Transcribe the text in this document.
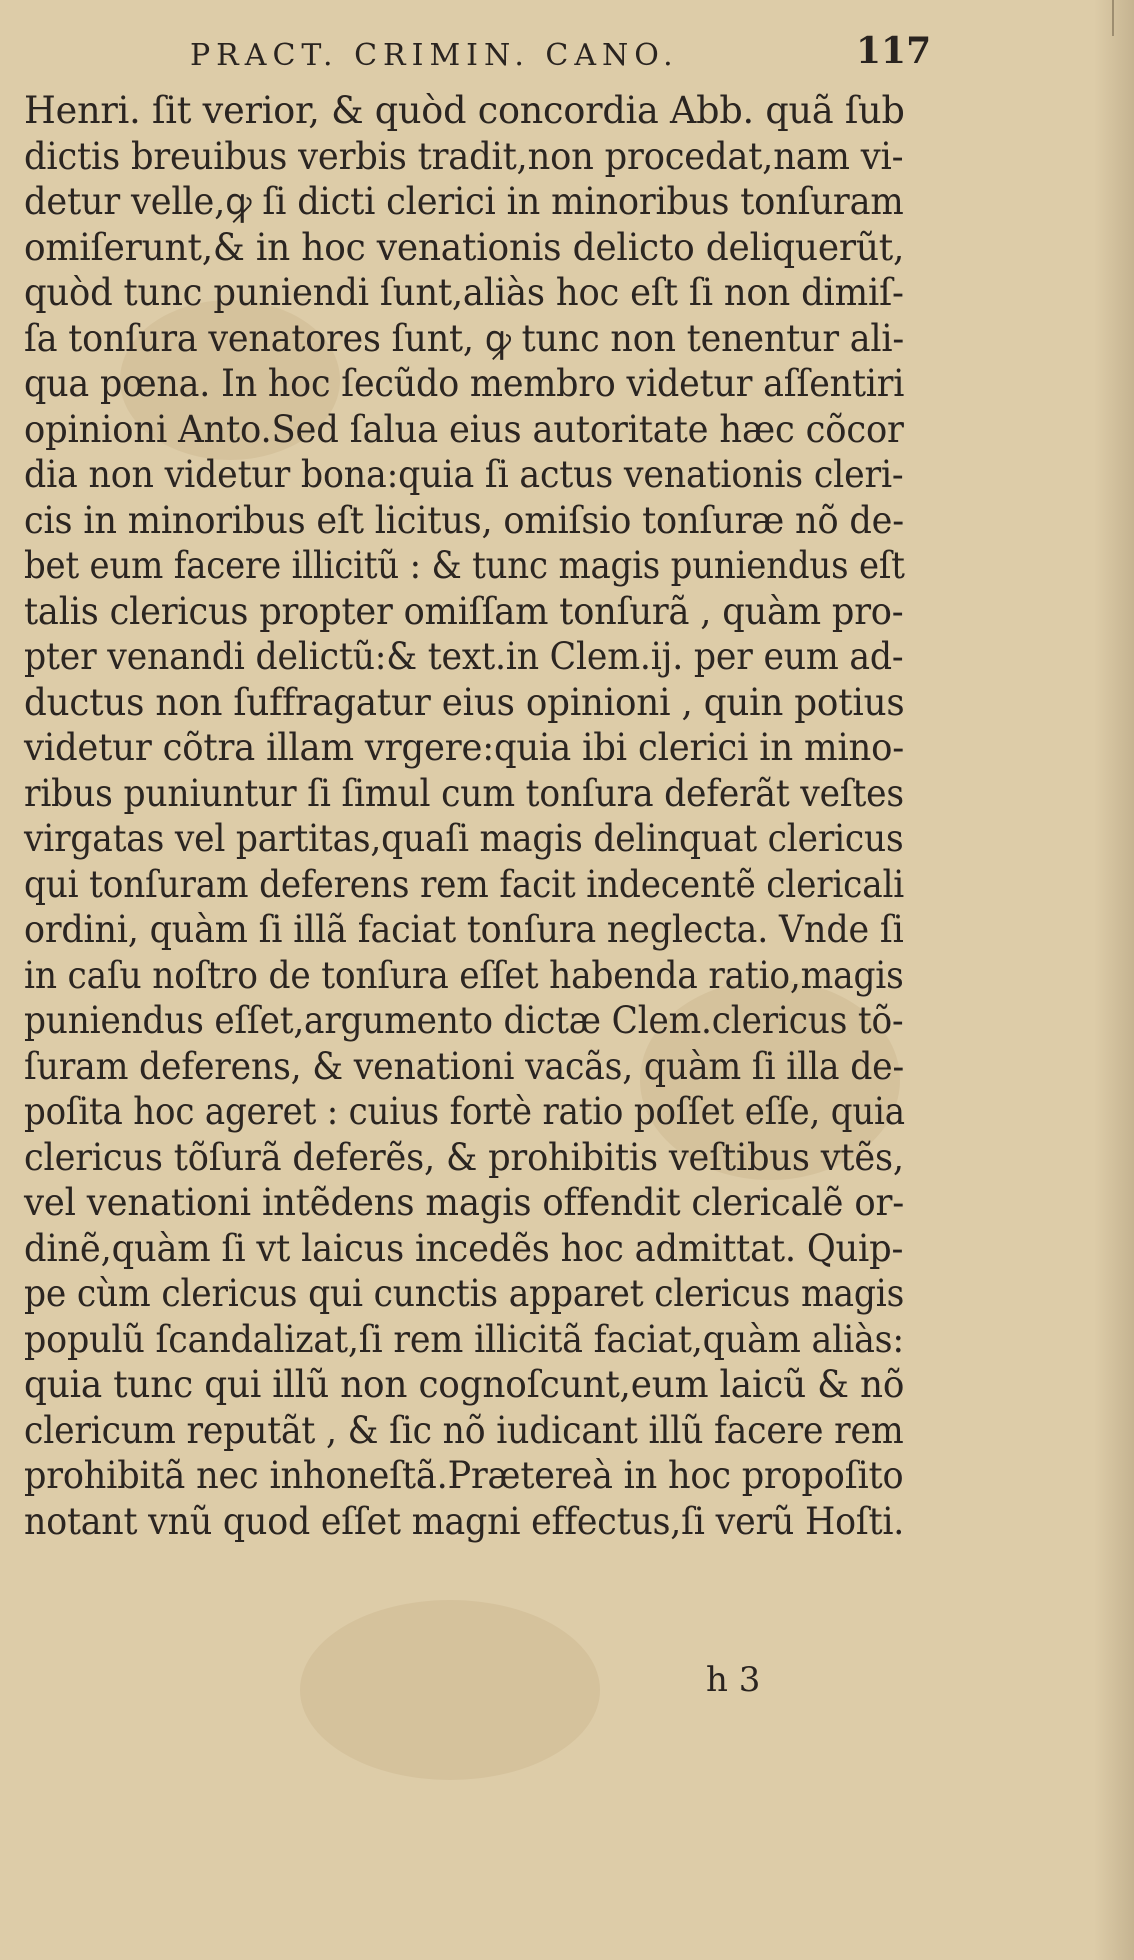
PRACT. CRIMIN. CANO.	117
Henri. ſit verior, & quòd concordia Abb. quã ſub
dictis breuibus verbis tradit,non procedat,nam vi-
detur velle,ꝙ ſi dicti clerici in minoribus tonſuram
omiſerunt,& in hoc venationis delicto deliquerũt,
quòd tunc puniendi ſunt,aliàs hoc eſt ſi non dimiſ-
ſa tonſura venatores ſunt, ꝙ tunc non tenentur ali-
qua pœna. In hoc ſecũdo membro videtur aſſentiri
opinioni Anto.Sed ſalua eius autoritate hæc cõcor
dia non videtur bona:quia ſi actus venationis cleri-
cis in minoribus eſt licitus, omiſsio tonſuræ nõ de-
bet eum facere illicitũ : & tunc magis puniendus eſt
talis clericus propter omiſſam tonſurã , quàm pro-
pter venandi delictũ:& text.in Clem.ij. per eum ad-
ductus non ſuffragatur eius opinioni , quin potius
videtur cõtra illam vrgere:quia ibi clerici in mino-
ribus puniuntur ſi ſimul cum tonſura deferãt veſtes
virgatas vel partitas,quaſi magis delinquat clericus
qui tonſuram deferens rem facit indecentẽ clericali
ordini, quàm ſi illã faciat tonſura neglecta. Vnde ſi
in caſu noſtro de tonſura eſſet habenda ratio,magis
puniendus eſſet,argumento dictæ Clem.clericus tõ-
ſuram deferens, & venationi vacãs, quàm ſi illa de-
poſita hoc ageret : cuius fortè ratio poſſet eſſe, quia
clericus tõſurã deferẽs, & prohibitis veſtibus vtẽs,
vel venationi intẽdens magis offendit clericalẽ or-
dinẽ,quàm ſi vt laicus incedẽs hoc admittat. Quip-
pe cùm clericus qui cunctis apparet clericus magis
populũ ſcandalizat,ſi rem illicitã faciat,quàm aliàs:
quia tunc qui illũ non cognoſcunt,eum laicũ & nõ
clericum reputãt , & ſic nõ iudicant illũ facere rem
prohibitã nec inhoneſtã.Prætereà in hoc propoſito
notant vnũ quod eſſet magni effectus,ſi verũ Hoſti.
h 3
